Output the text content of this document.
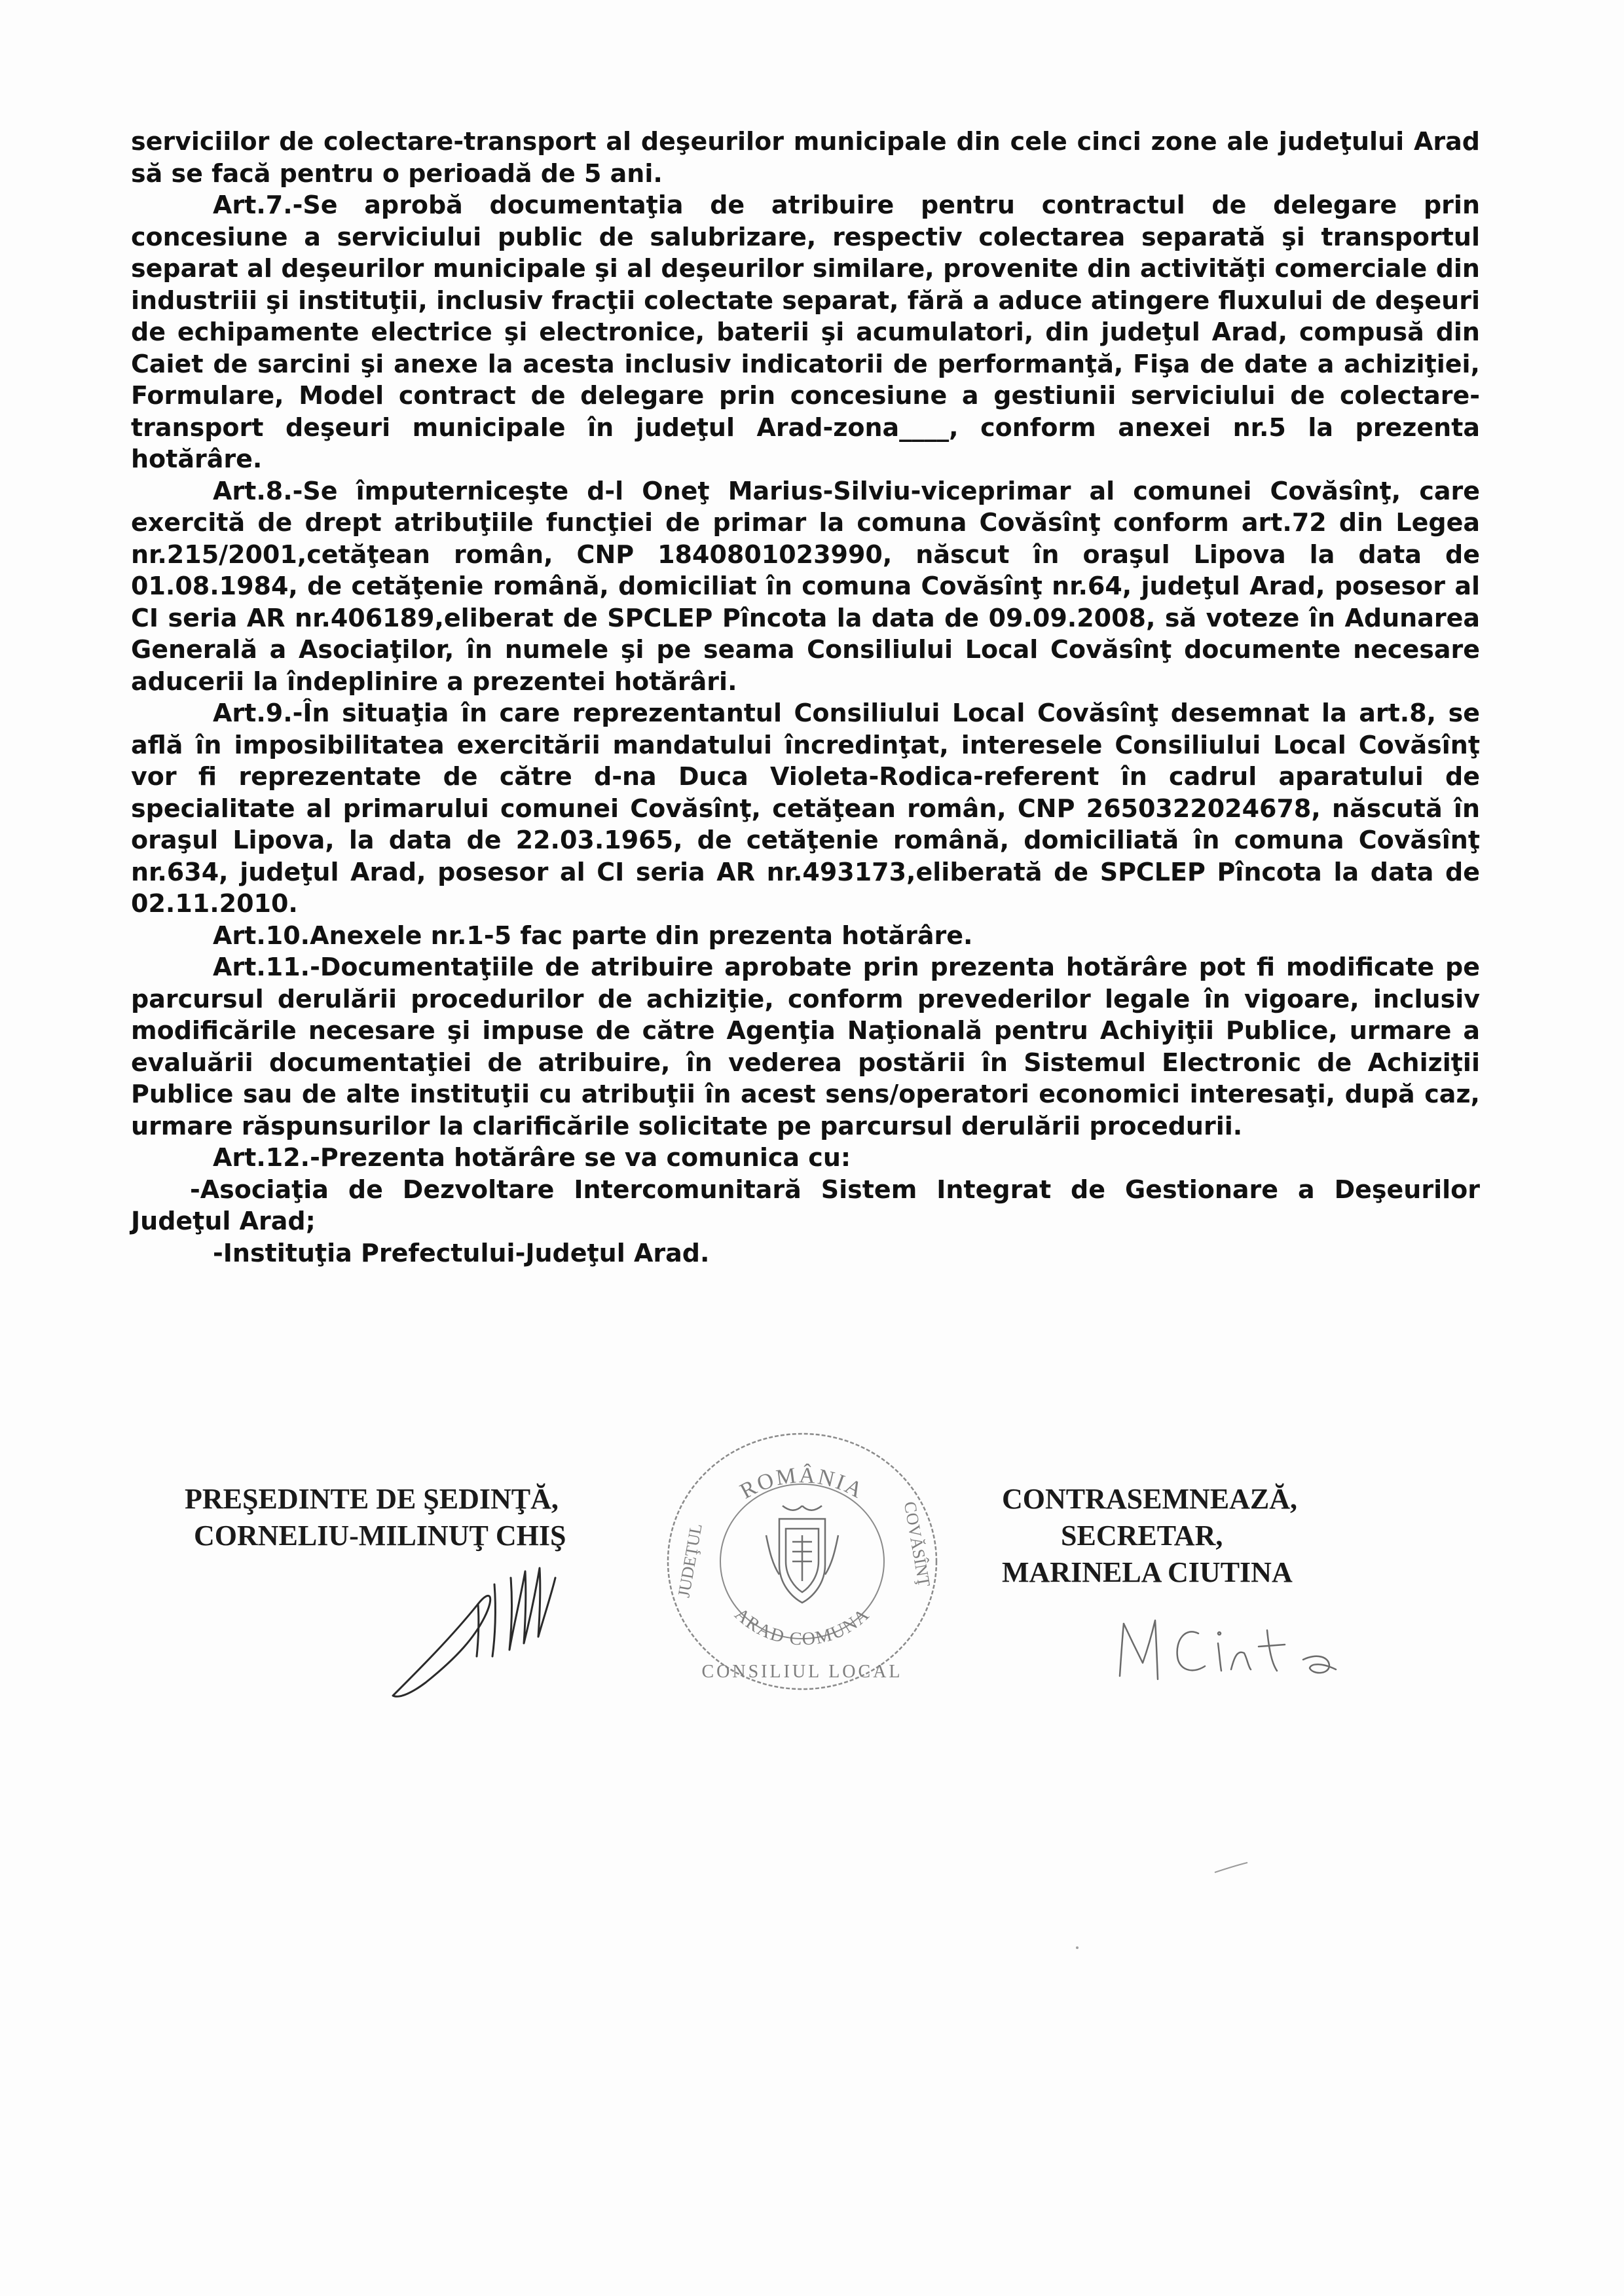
serviciilor de colectare-transport al deşeurilor municipale din cele cinci zone ale judeţului Arad să se facă pentru o perioadă de 5 ani.

Art.7.-Se aprobă documentaţia de atribuire pentru contractul de delegare prin concesiune a serviciului public de salubrizare, respectiv colectarea separată şi transportul separat al deşeurilor municipale şi al deşeurilor similare, provenite din activităţi comerciale din industriii şi instituţii, inclusiv fracţii colectate separat, fără a aduce atingere fluxului de deşeuri de echipamente electrice şi electronice, baterii şi acumulatori, din judeţul Arad, compusă din Caiet de sarcini şi anexe la acesta inclusiv indicatorii de performanţă, Fişa de date a achiziţiei, Formulare, Model contract de delegare prin concesiune a gestiunii serviciului de colectare-transport deşeuri municipale în judeţul Arad-zona____, conform anexei nr.5 la prezenta hotărâre.

Art.8.-Se împuterniceşte d-l Oneţ Marius-Silviu-viceprimar al comunei Covăsînţ, care exercită de drept atribuţiile funcţiei de primar la comuna Covăsînţ conform art.72 din Legea nr.215/2001,cetăţean român, CNP 1840801023990, născut în oraşul Lipova la data de 01.08.1984, de cetăţenie română, domiciliat în comuna Covăsînţ nr.64, judeţul Arad, posesor al CI seria AR nr.406189,eliberat de SPCLEP Pîncota la data de 09.09.2008, să voteze în Adunarea Generală a Asociaţilor, în numele şi pe seama Consiliului Local Covăsînţ documente necesare aducerii la îndeplinire a prezentei hotărâri.

Art.9.-În situaţia în care reprezentantul Consiliului Local Covăsînţ desemnat la art.8, se află în imposibilitatea exercitării mandatului încredinţat, interesele Consiliului Local Covăsînţ vor fi reprezentate de către d-na Duca Violeta-Rodica-referent în cadrul aparatului de specialitate al primarului comunei Covăsînţ, cetăţean român, CNP 2650322024678, născută în oraşul Lipova, la data de 22.03.1965, de cetăţenie română, domiciliată în comuna Covăsînţ nr.634, judeţul Arad, posesor al CI seria AR nr.493173,eliberată de SPCLEP Pîncota la data de 02.11.2010.

Art.10.Anexele nr.1-5 fac parte din prezenta hotărâre.

Art.11.-Documentaţiile de atribuire aprobate prin prezenta hotărâre pot fi modificate pe parcursul derulării procedurilor de achiziţie, conform prevederilor legale în vigoare, inclusiv modificările necesare şi impuse de către Agenţia Naţională pentru Achiyiţii Publice, urmare a evaluării documentaţiei de atribuire, în vederea postării în Sistemul Electronic de Achiziţii Publice sau de alte instituţii cu atribuţii în acest sens/operatori economici interesaţi, după caz, urmare răspunsurilor la clarificările solicitate pe parcursul derulării procedurii.

Art.12.-Prezenta hotărâre se va comunica cu:

-Asociaţia de Dezvoltare Intercomunitară Sistem Integrat de Gestionare a Deşeurilor Judeţul Arad;

-Instituţia Prefectului-Judeţul Arad.

PREŞEDINTE DE ŞEDINŢĂ,
CORNELIU-MILINUŢ CHIŞ
CONTRASEMNEAZĂ,
SECRETAR,
MARINELA CIUTINA
ROMÂNIA
ARAD COMUNA
CONSILIUL LOCAL
JUDEŢUL	COVĂSÎNŢ
